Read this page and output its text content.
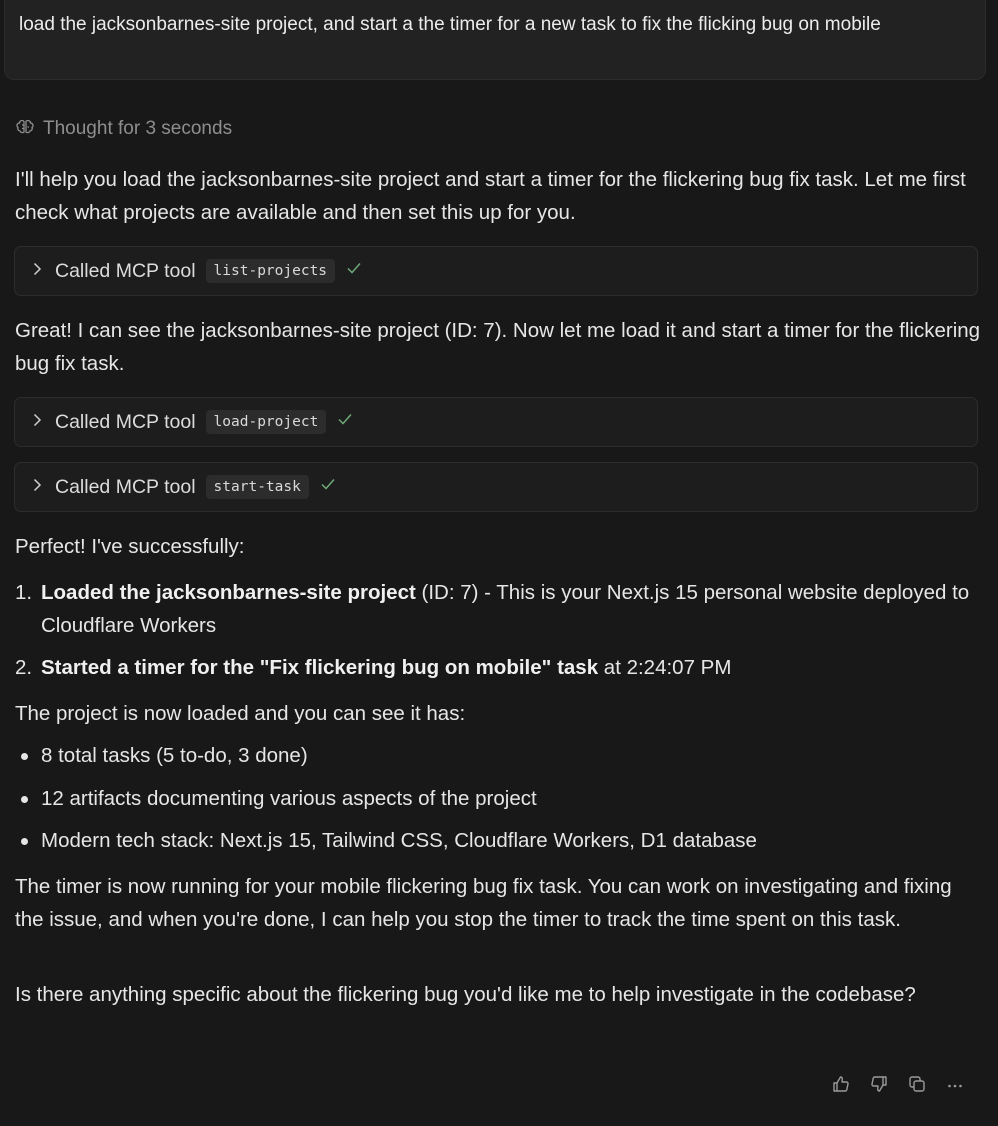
load the jacksonbarnes-site project, and start a the timer for a new task to fix the flicking bug on mobile
Thought for 3 seconds

I'll help you load the jacksonbarnes-site project and start a timer for the flickering bug fix task. Let me first check what projects are available and then set this up for you.

Called MCP tool	list-projects

Great! I can see the jacksonbarnes-site project (ID: 7). Now let me load it and start a timer for the flickering bug fix task.

Called MCP tool	load-project
Called MCP tool	start-task

Perfect! I've successfully:

1. Loaded the jacksonbarnes-site project (ID: 7) - This is your Next.js 15 personal website deployed to Cloudflare Workers
2. Started a timer for the "Fix flickering bug on mobile" task at 2:24:07 PM

The project is now loaded and you can see it has:

8 total tasks (5 to-do, 3 done)
12 artifacts documenting various aspects of the project
Modern tech stack: Next.js 15, Tailwind CSS, Cloudflare Workers, D1 database

The timer is now running for your mobile flickering bug fix task. You can work on investigating and fixing the issue, and when you're done, I can help you stop the timer to track the time spent on this task.

Is there anything specific about the flickering bug you'd like me to help investigate in the codebase?
